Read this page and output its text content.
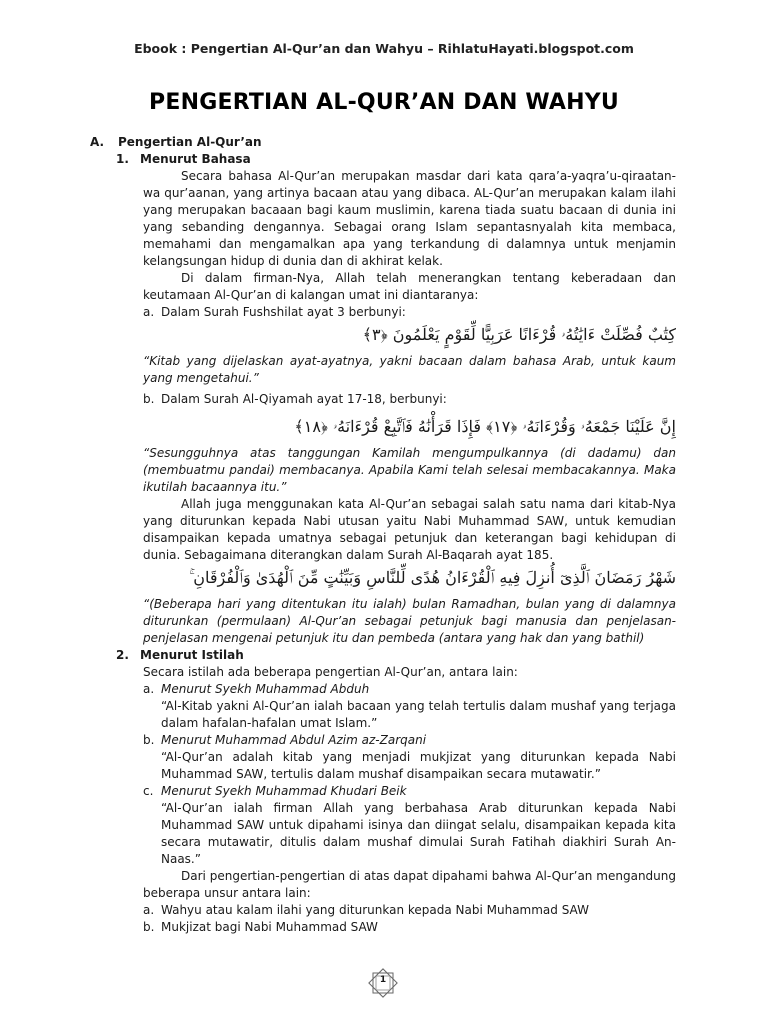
Ebook : Pengertian Al-Qur’an dan Wahyu – RihlatuHayati.blogspot.com
PENGERTIAN AL-QUR’AN DAN WAHYU
A. Pengertian Al-Qur’an
1. Menurut Bahasa
Secara bahasa Al-Qur’an merupakan masdar dari kata qara’a-yaqra’u-qiraatan-wa qur’aanan, yang artinya bacaan atau yang dibaca. AL-Qur’an merupakan kalam ilahi yang merupakan bacaaan bagi kaum muslimin, karena tiada suatu bacaan di dunia ini yang sebanding dengannya. Sebagai orang Islam sepantasnyalah kita membaca, memahami dan mengamalkan apa yang terkandung di dalamnya untuk menjamin kelangsungan hidup di dunia dan di akhirat kelak.
Di dalam firman-Nya, Allah telah menerangkan tentang keberadaan dan keutamaan Al-Qur’an di kalangan umat ini diantaranya:
a. Dalam Surah Fushshilat ayat 3 berbunyi:
كِتَٰبٌ فُصِّلَتْ ءَايَٰتُهُۥ قُرْءَانًا عَرَبِيًّا لِّقَوْمٍ يَعْلَمُونَ ﴿٣﴾
“Kitab yang dijelaskan ayat-ayatnya, yakni bacaan dalam bahasa Arab, untuk kaum yang mengetahui.”
b. Dalam Surah Al-Qiyamah ayat 17-18, berbunyi:
إِنَّ عَلَيْنَا جَمْعَهُۥ وَقُرْءَانَهُۥ ﴿١٧﴾ فَإِذَا قَرَأْنَٰهُ فَٱتَّبِعْ قُرْءَانَهُۥ ﴿١٨﴾
“Sesungguhnya atas tanggungan Kamilah mengumpulkannya (di dadamu) dan (membuatmu pandai) membacanya. Apabila Kami telah selesai membacakannya. Maka ikutilah bacaannya itu.”
Allah juga menggunakan kata Al-Qur’an sebagai salah satu nama dari kitab-Nya yang diturunkan kepada Nabi utusan yaitu Nabi Muhammad SAW, untuk kemudian disampaikan kepada umatnya sebagai petunjuk dan keterangan bagi kehidupan di dunia. Sebagaimana diterangkan dalam Surah Al-Baqarah ayat 185.
شَهْرُ رَمَضَانَ ٱلَّذِىٓ أُنزِلَ فِيهِ ٱلْقُرْءَانُ هُدًى لِّلنَّاسِ وَبَيِّنَٰتٍ مِّنَ ٱلْهُدَىٰ وَٱلْفُرْقَانِ ۚ
“(Beberapa hari yang ditentukan itu ialah) bulan Ramadhan, bulan yang di dalamnya diturunkan (permulaan) Al-Qur’an sebagai petunjuk bagi manusia dan penjelasan-penjelasan mengenai petunjuk itu dan pembeda (antara yang hak dan yang bathil)
2. Menurut Istilah
Secara istilah ada beberapa pengertian Al-Qur’an, antara lain:
a. Menurut Syekh Muhammad Abduh
“Al-Kitab yakni Al-Qur’an ialah bacaan yang telah tertulis dalam mushaf yang terjaga dalam hafalan-hafalan umat Islam.”
b. Menurut Muhammad Abdul Azim az-Zarqani
“Al-Qur’an adalah kitab yang menjadi mukjizat yang diturunkan kepada Nabi Muhammad SAW, tertulis dalam mushaf disampaikan secara mutawatir.”
c. Menurut Syekh Muhammad Khudari Beik
“Al-Qur’an ialah firman Allah yang berbahasa Arab diturunkan kepada Nabi Muhammad SAW untuk dipahami isinya dan diingat selalu, disampaikan kepada kita secara mutawatir, ditulis dalam mushaf dimulai Surah Fatihah diakhiri Surah An-Naas.”
Dari pengertian-pengertian di atas dapat dipahami bahwa Al-Qur’an mengandung beberapa unsur antara lain:
a. Wahyu atau kalam ilahi yang diturunkan kepada Nabi Muhammad SAW
b. Mukjizat bagi Nabi Muhammad SAW
1
